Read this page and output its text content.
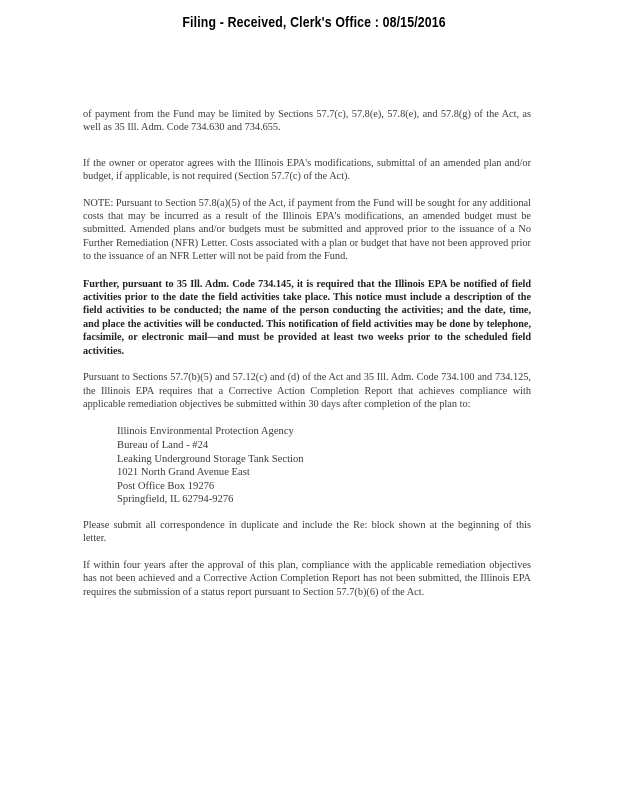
Filing - Received, Clerk's Office : 08/15/2016

of payment from the Fund may be limited by Sections 57.7(c), 57.8(e), 57.8(e), and 57.8(g) of the Act, as well as 35 Ill. Adm. Code 734.630 and 734.655.

If the owner or operator agrees with the Illinois EPA's modifications, submittal of an amended plan and/or budget, if applicable, is not required (Section 57.7(c) of the Act).

NOTE: Pursuant to Section 57.8(a)(5) of the Act, if payment from the Fund will be sought for any additional costs that may be incurred as a result of the Illinois EPA's modifications, an amended budget must be submitted. Amended plans and/or budgets must be submitted and approved prior to the issuance of a No Further Remediation (NFR) Letter. Costs associated with a plan or budget that have not been approved prior to the issuance of an NFR Letter will not be paid from the Fund.

Further, pursuant to 35 Ill. Adm. Code 734.145, it is required that the Illinois EPA be notified of field activities prior to the date the field activities take place. This notice must include a description of the field activities to be conducted; the name of the person conducting the activities; and the date, time, and place the activities will be conducted. This notification of field activities may be done by telephone, facsimile, or electronic mail—and must be provided at least two weeks prior to the scheduled field activities.

Pursuant to Sections 57.7(b)(5) and 57.12(c) and (d) of the Act and 35 Ill. Adm. Code 734.100 and 734.125, the Illinois EPA requires that a Corrective Action Completion Report that achieves compliance with applicable remediation objectives be submitted within 30 days after completion of the plan to:

Illinois Environmental Protection Agency
Bureau of Land - #24
Leaking Underground Storage Tank Section
1021 North Grand Avenue East
Post Office Box 19276
Springfield, IL 62794-9276

Please submit all correspondence in duplicate and include the Re: block shown at the beginning of this letter.

If within four years after the approval of this plan, compliance with the applicable remediation objectives has not been achieved and a Corrective Action Completion Report has not been submitted, the Illinois EPA requires the submission of a status report pursuant to Section 57.7(b)(6) of the Act.
